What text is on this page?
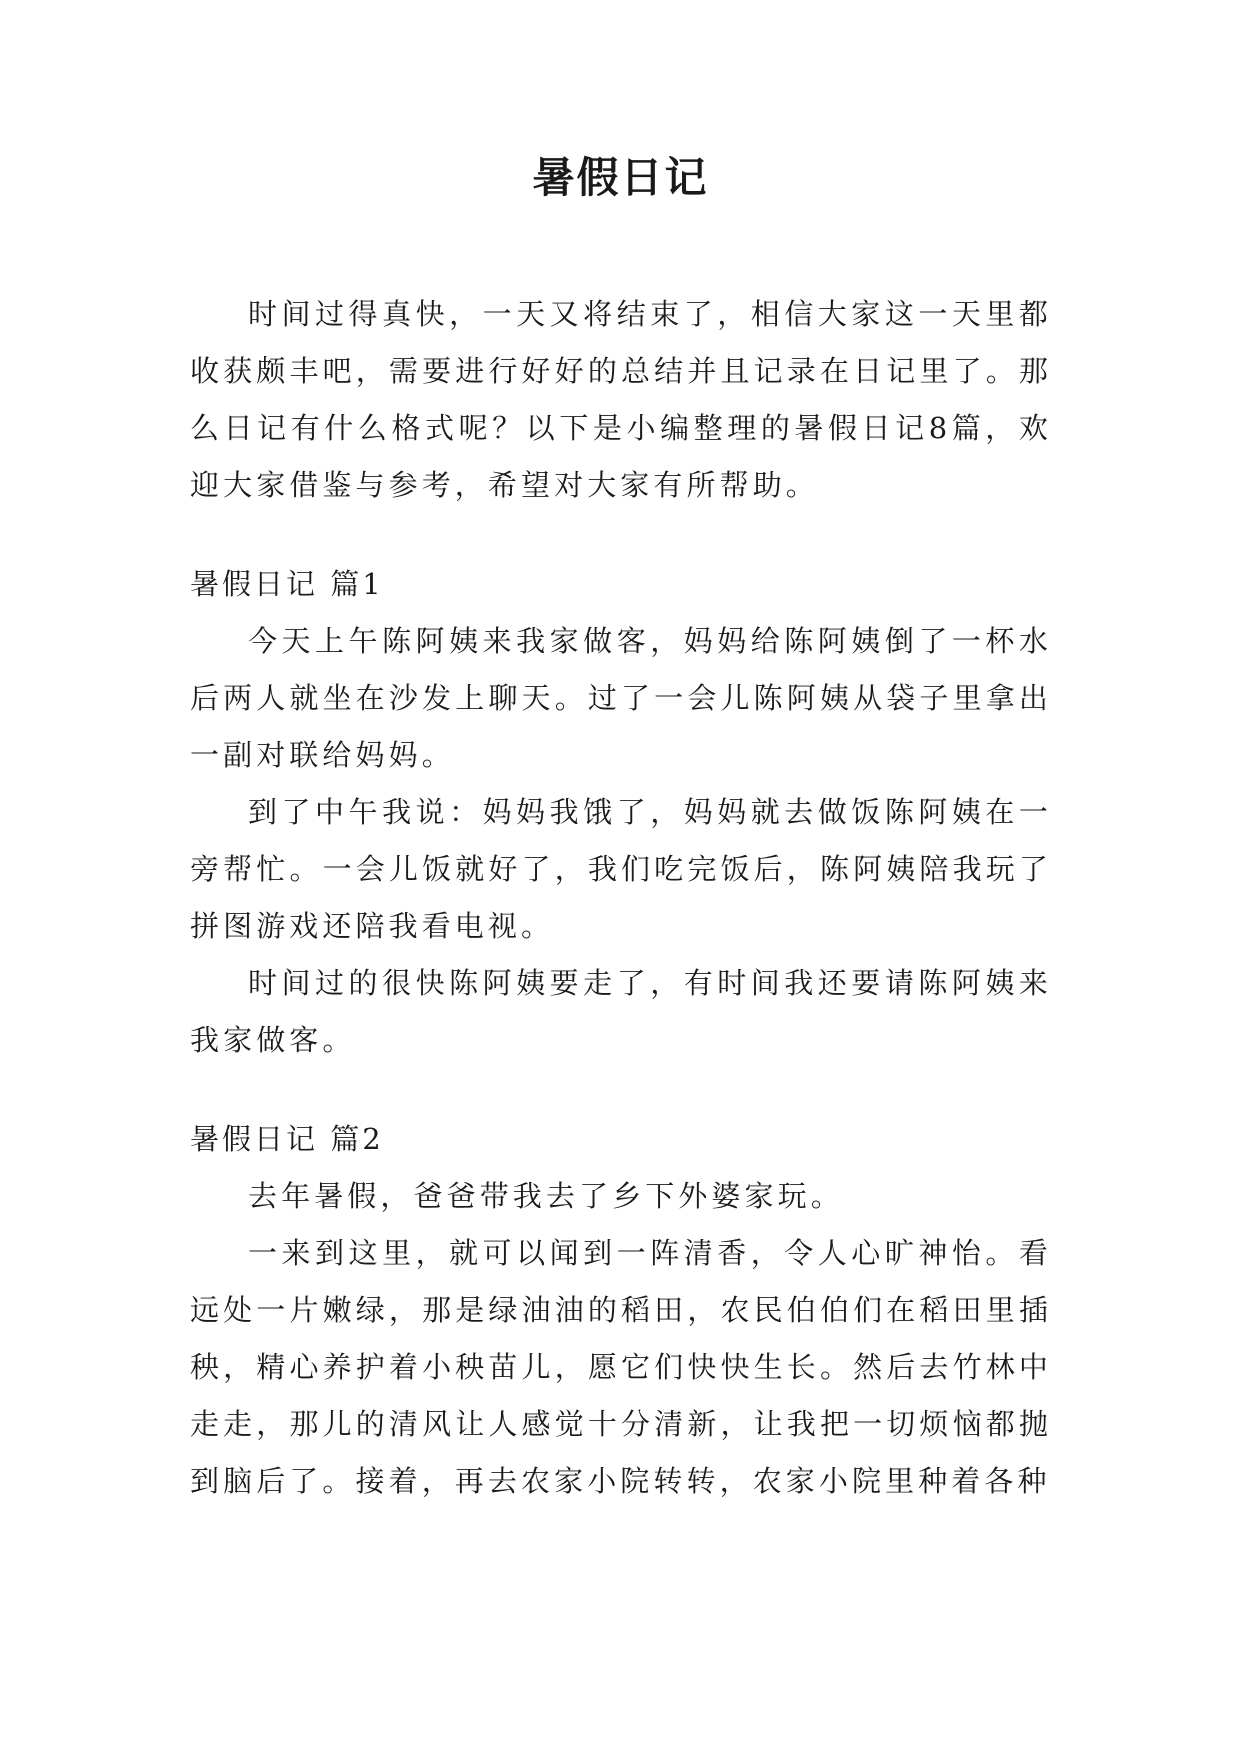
暑假日记

时间过得真快，一天又将结束了，相信大家这一天里都收获颇丰吧，需要进行好好的总结并且记录在日记里了。那么日记有什么格式呢？以下是小编整理的暑假日记8篇，欢迎大家借鉴与参考，希望对大家有所帮助。

暑假日记 篇1

今天上午陈阿姨来我家做客，妈妈给陈阿姨倒了一杯水后两人就坐在沙发上聊天。过了一会儿陈阿姨从袋子里拿出一副对联给妈妈。

到了中午我说：妈妈我饿了，妈妈就去做饭陈阿姨在一旁帮忙。一会儿饭就好了，我们吃完饭后，陈阿姨陪我玩了拼图游戏还陪我看电视。

时间过的很快陈阿姨要走了，有时间我还要请陈阿姨来我家做客。

暑假日记 篇2

去年暑假，爸爸带我去了乡下外婆家玩。

一来到这里，就可以闻到一阵清香，令人心旷神怡。看远处一片嫩绿，那是绿油油的稻田，农民伯伯们在稻田里插秧，精心养护着小秧苗儿，愿它们快快生长。然后去竹林中走走，那儿的清风让人感觉十分清新，让我把一切烦恼都抛到脑后了。接着，再去农家小院转转，农家小院里种着各种
